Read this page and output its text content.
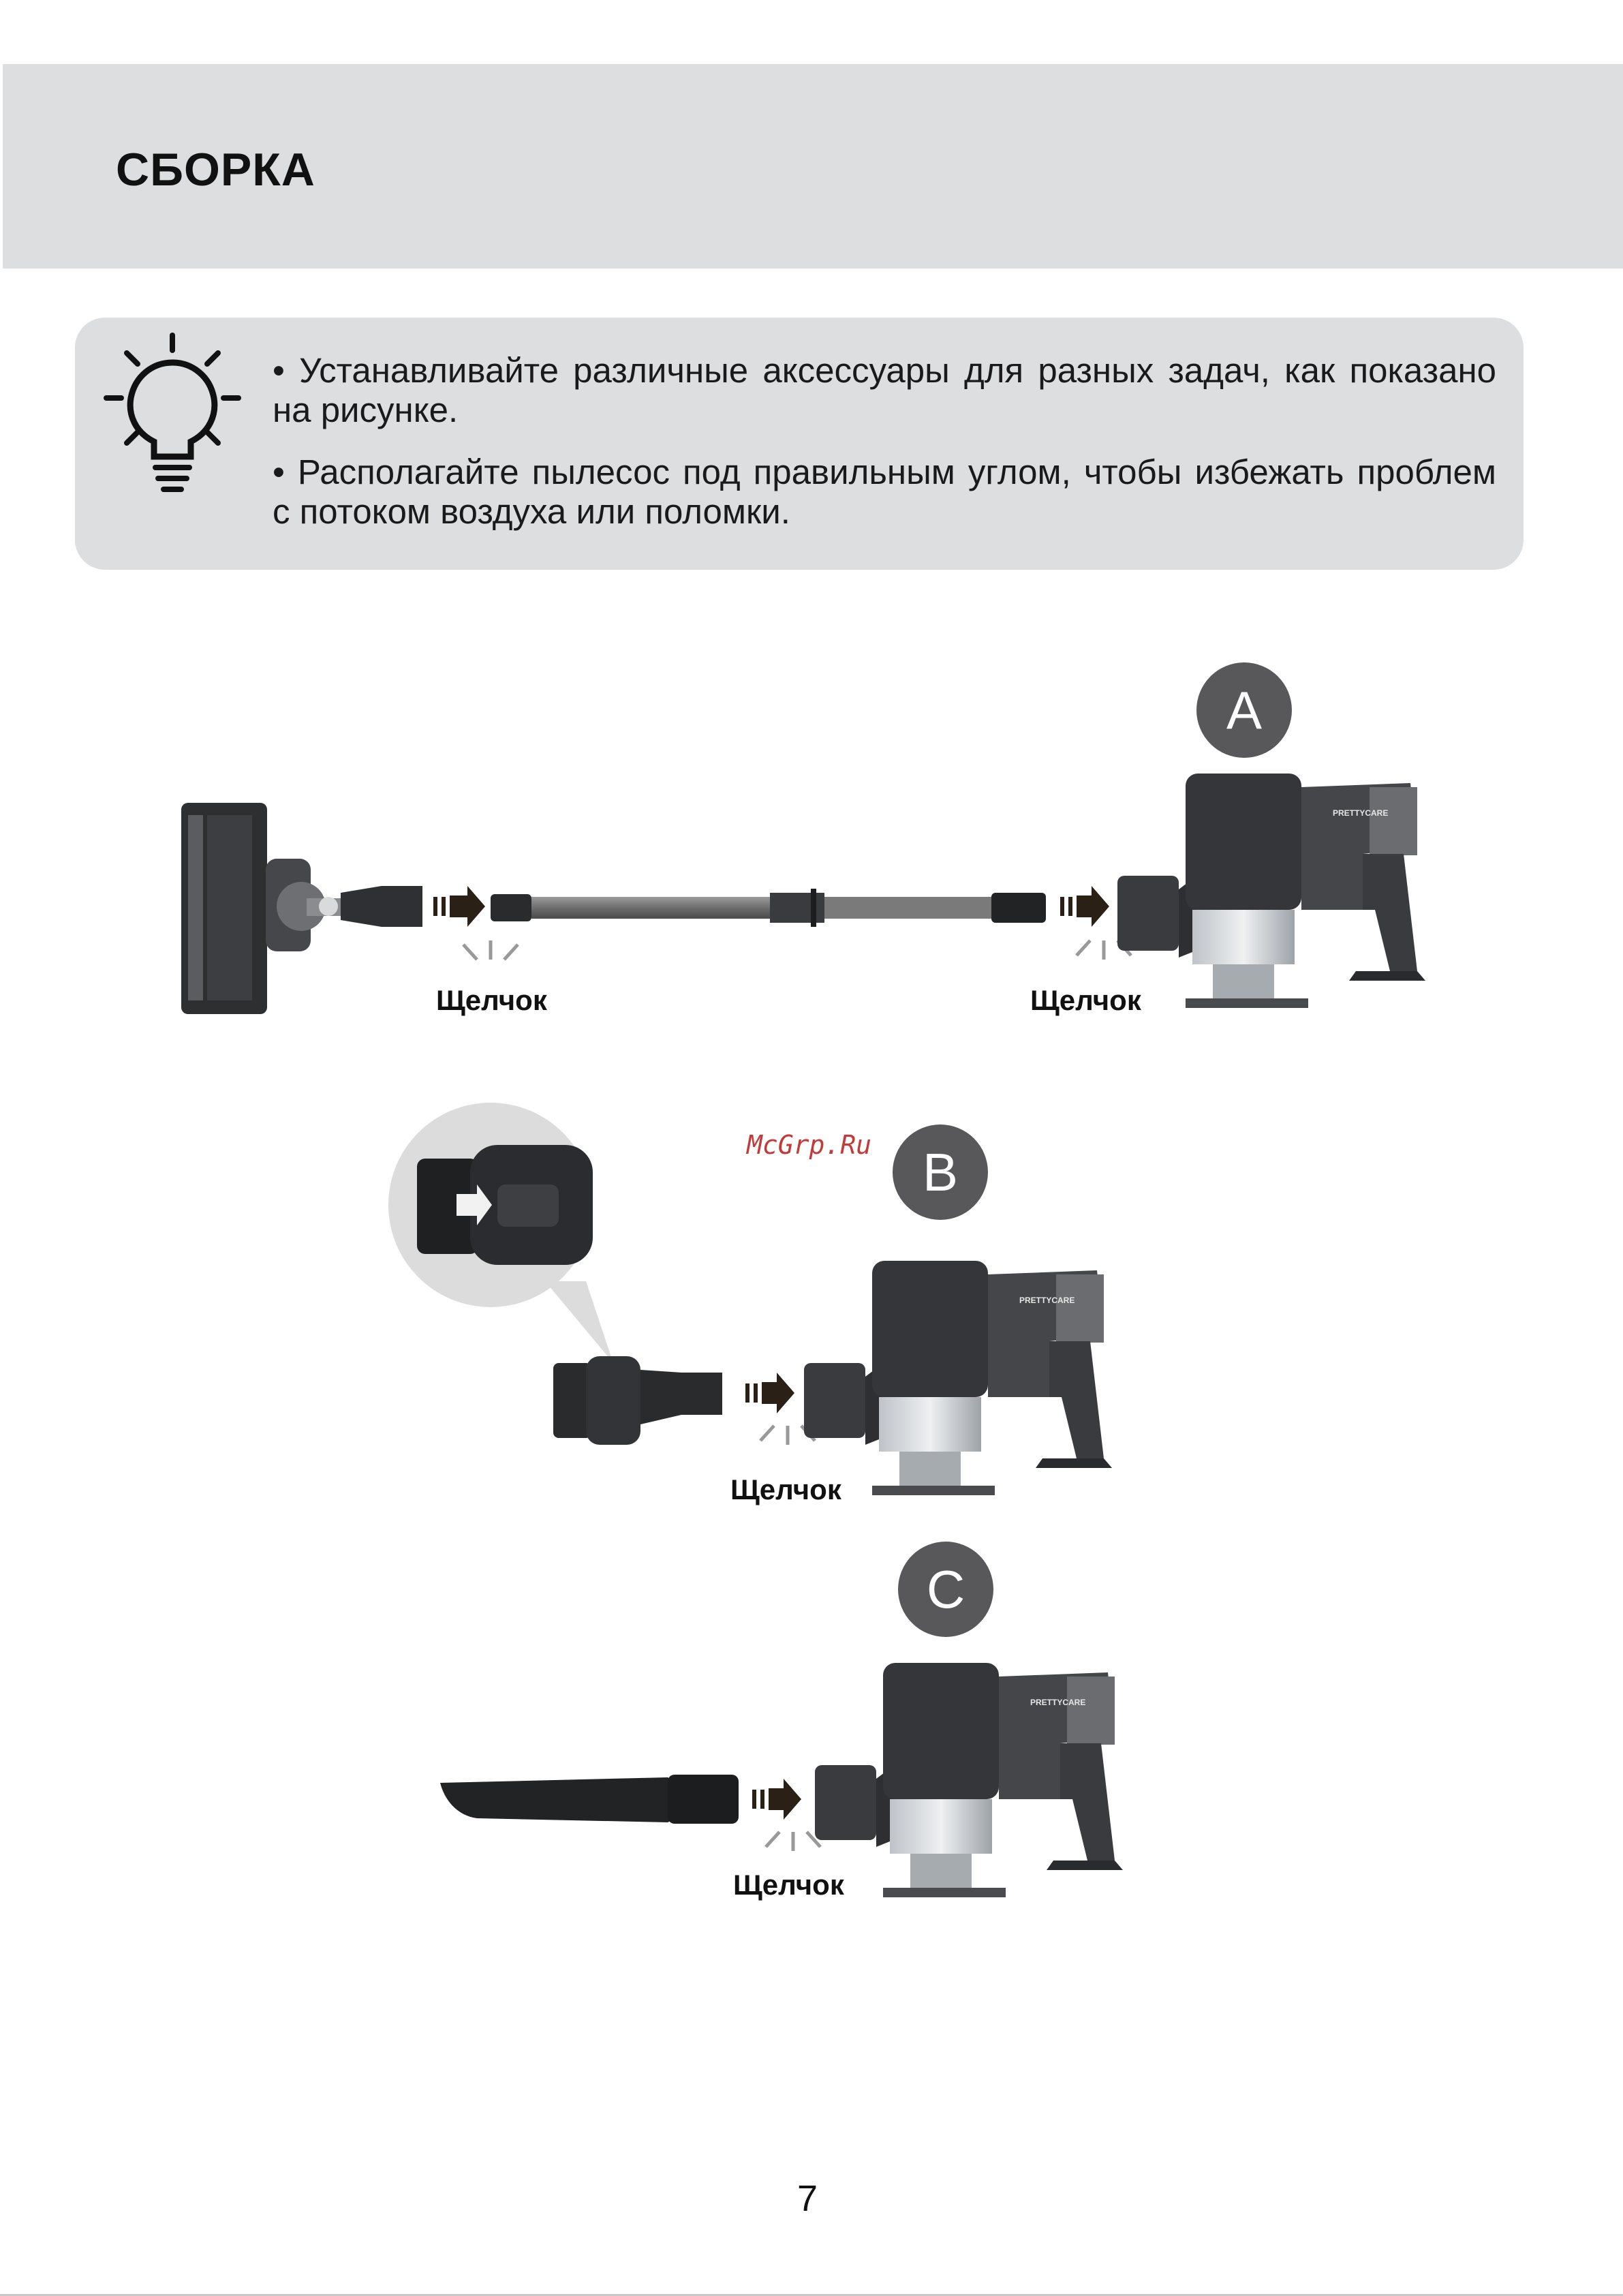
СБОРКА
• Устанавливайте различные аксессуары для разных задач, как показано на рисунке.
• Располагайте пылесос под правильным углом, чтобы избежать проблем с потоком воздуха или поломки.
A
PRETTYCARE
Щелчок	Щелчок
McGrp.Ru B
PRETTYCARE
Щелчок
C
PRETTYCARE
Щелчок
7
